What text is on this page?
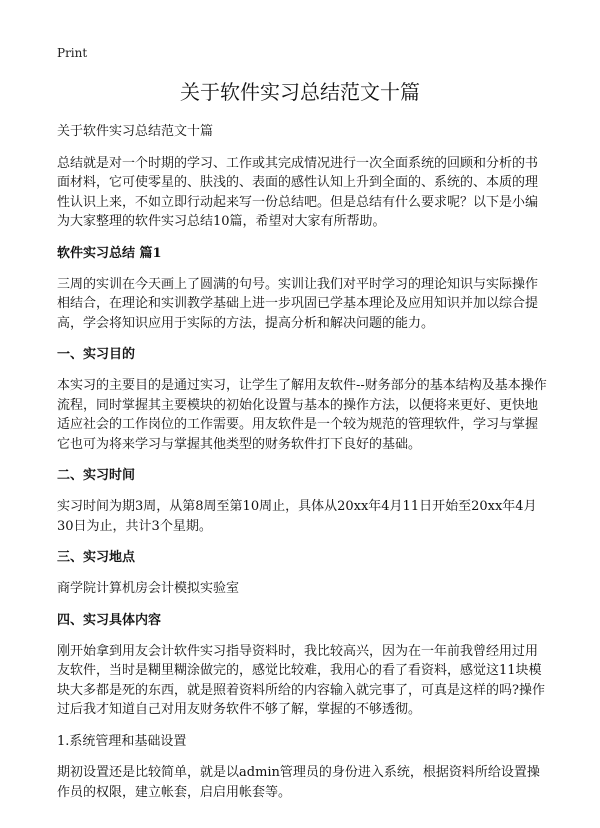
Print
关于软件实习总结范文十篇

关于软件实习总结范文十篇

总结就是对一个时期的学习、工作或其完成情况进行一次全面系统的回顾和分析的书面材料，它可使零星的、肤浅的、表面的感性认知上升到全面的、系统的、本质的理性认识上来，不如立即行动起来写一份总结吧。但是总结有什么要求呢？以下是小编为大家整理的软件实习总结10篇，希望对大家有所帮助。

软件实习总结 篇1

三周的实训在今天画上了圆满的句号。实训让我们对平时学习的理论知识与实际操作相结合，在理论和实训教学基础上进一步巩固已学基本理论及应用知识并加以综合提高，学会将知识应用于实际的方法，提高分析和解决问题的能力。

一、实习目的

本实习的主要目的是通过实习，让学生了解用友软件--财务部分的基本结构及基本操作流程，同时掌握其主要模块的初始化设置与基本的操作方法，以便将来更好、更快地适应社会的工作岗位的工作需要。用友软件是一个较为规范的管理软件，学习与掌握它也可为将来学习与掌握其他类型的财务软件打下良好的基础。

二、实习时间

实习时间为期3周，从第8周至第10周止，具体从20xx年4月11日开始至20xx年4月30日为止，共计3个星期。

三、实习地点

商学院计算机房会计模拟实验室

四、实习具体内容

刚开始拿到用友会计软件实习指导资料时，我比较高兴，因为在一年前我曾经用过用友软件，当时是糊里糊涂做完的，感觉比较难，我用心的看了看资料，感觉这11块模块大多都是死的东西，就是照着资料所给的内容输入就完事了，可真是这样的吗?操作过后我才知道自己对用友财务软件不够了解，掌握的不够透彻。

1.系统管理和基础设置

期初设置还是比较简单，就是以admin管理员的身份进入系统，根据资料所给设置操作员的权限，建立帐套，启启用帐套等。
